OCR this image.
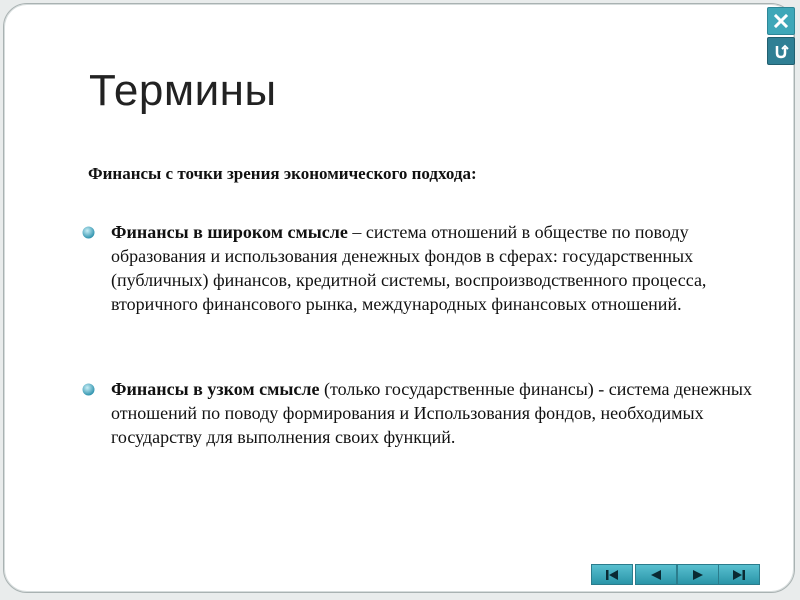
Термины
Финансы с точки зрения экономического подхода:
Финансы в широком смысле – система отношений в обществе по поводу образования и использования денежных фондов в сферах: государственных (публичных) финансов, кредитной системы, воспроизводственного процесса, вторичного финансового рынка, международных финансовых отношений.
Финансы в узком смысле (только государственные финансы) - система денежных отношений по поводу формирования и Использования фондов, необходимых государству для выполнения своих функций.
